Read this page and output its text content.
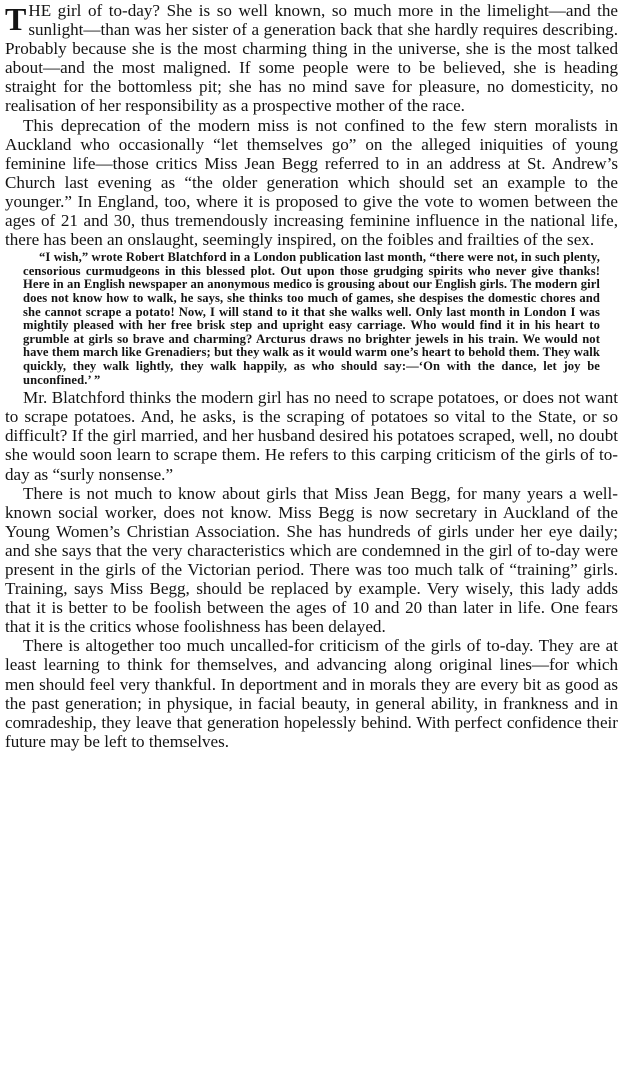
THE girl of to-day? She is so well known, so much more in the limelight—and the sunlight—than was her sister of a generation back that she hardly requires describing. Probably because she is the most charming thing in the universe, she is the most talked about—and the most maligned. If some people were to be believed, she is heading straight for the bottomless pit; she has no mind save for pleasure, no domesticity, no realisation of her responsibility as a prospective mother of the race.

This deprecation of the modern miss is not confined to the few stern moralists in Auckland who occasionally “let themselves go” on the alleged iniquities of young feminine life—those critics Miss Jean Begg referred to in an address at St. Andrew’s Church last evening as “the older generation which should set an example to the younger.” In England, too, where it is proposed to give the vote to women between the ages of 21 and 30, thus tremendously increasing feminine influence in the national life, there has been an onslaught, seemingly inspired, on the foibles and frailties of the sex.

“I wish,” wrote Robert Blatchford in a London publication last month, “there were not, in such plenty, censorious curmudgeons in this blessed plot. Out upon those grudging spirits who never give thanks! Here in an English newspaper an anonymous medico is grousing about our English girls. The modern girl does not know how to walk, he says, she thinks too much of games, she despises the domestic chores and she cannot scrape a potato! Now, I will stand to it that she walks well. Only last month in London I was mightily pleased with her free brisk step and upright easy carriage. Who would find it in his heart to grumble at girls so brave and charming? Arcturus draws no brighter jewels in his train. We would not have them march like Grenadiers; but they walk as it would warm one’s heart to behold them. They walk quickly, they walk lightly, they walk happily, as who should say:—‘On with the dance, let joy be unconfined.’ ”

Mr. Blatchford thinks the modern girl has no need to scrape potatoes, or does not want to scrape potatoes. And, he asks, is the scraping of potatoes so vital to the State, or so difficult? If the girl married, and her husband desired his potatoes scraped, well, no doubt she would soon learn to scrape them. He refers to this carping criticism of the girls of to-day as “surly nonsense.”

There is not much to know about girls that Miss Jean Begg, for many years a well-known social worker, does not know. Miss Begg is now secretary in Auckland of the Young Women’s Christian Association. She has hundreds of girls under her eye daily; and she says that the very characteristics which are condemned in the girl of to-day were present in the girls of the Victorian period. There was too much talk of “training” girls. Training, says Miss Begg, should be replaced by example. Very wisely, this lady adds that it is better to be foolish between the ages of 10 and 20 than later in life. One fears that it is the critics whose foolishness has been delayed.

There is altogether too much uncalled-for criticism of the girls of to-day. They are at least learning to think for themselves, and advancing along original lines—for which men should feel very thankful. In deportment and in morals they are every bit as good as the past generation; in physique, in facial beauty, in general ability, in frankness and in comradeship, they leave that generation hopelessly behind. With perfect confidence their future may be left to themselves.
